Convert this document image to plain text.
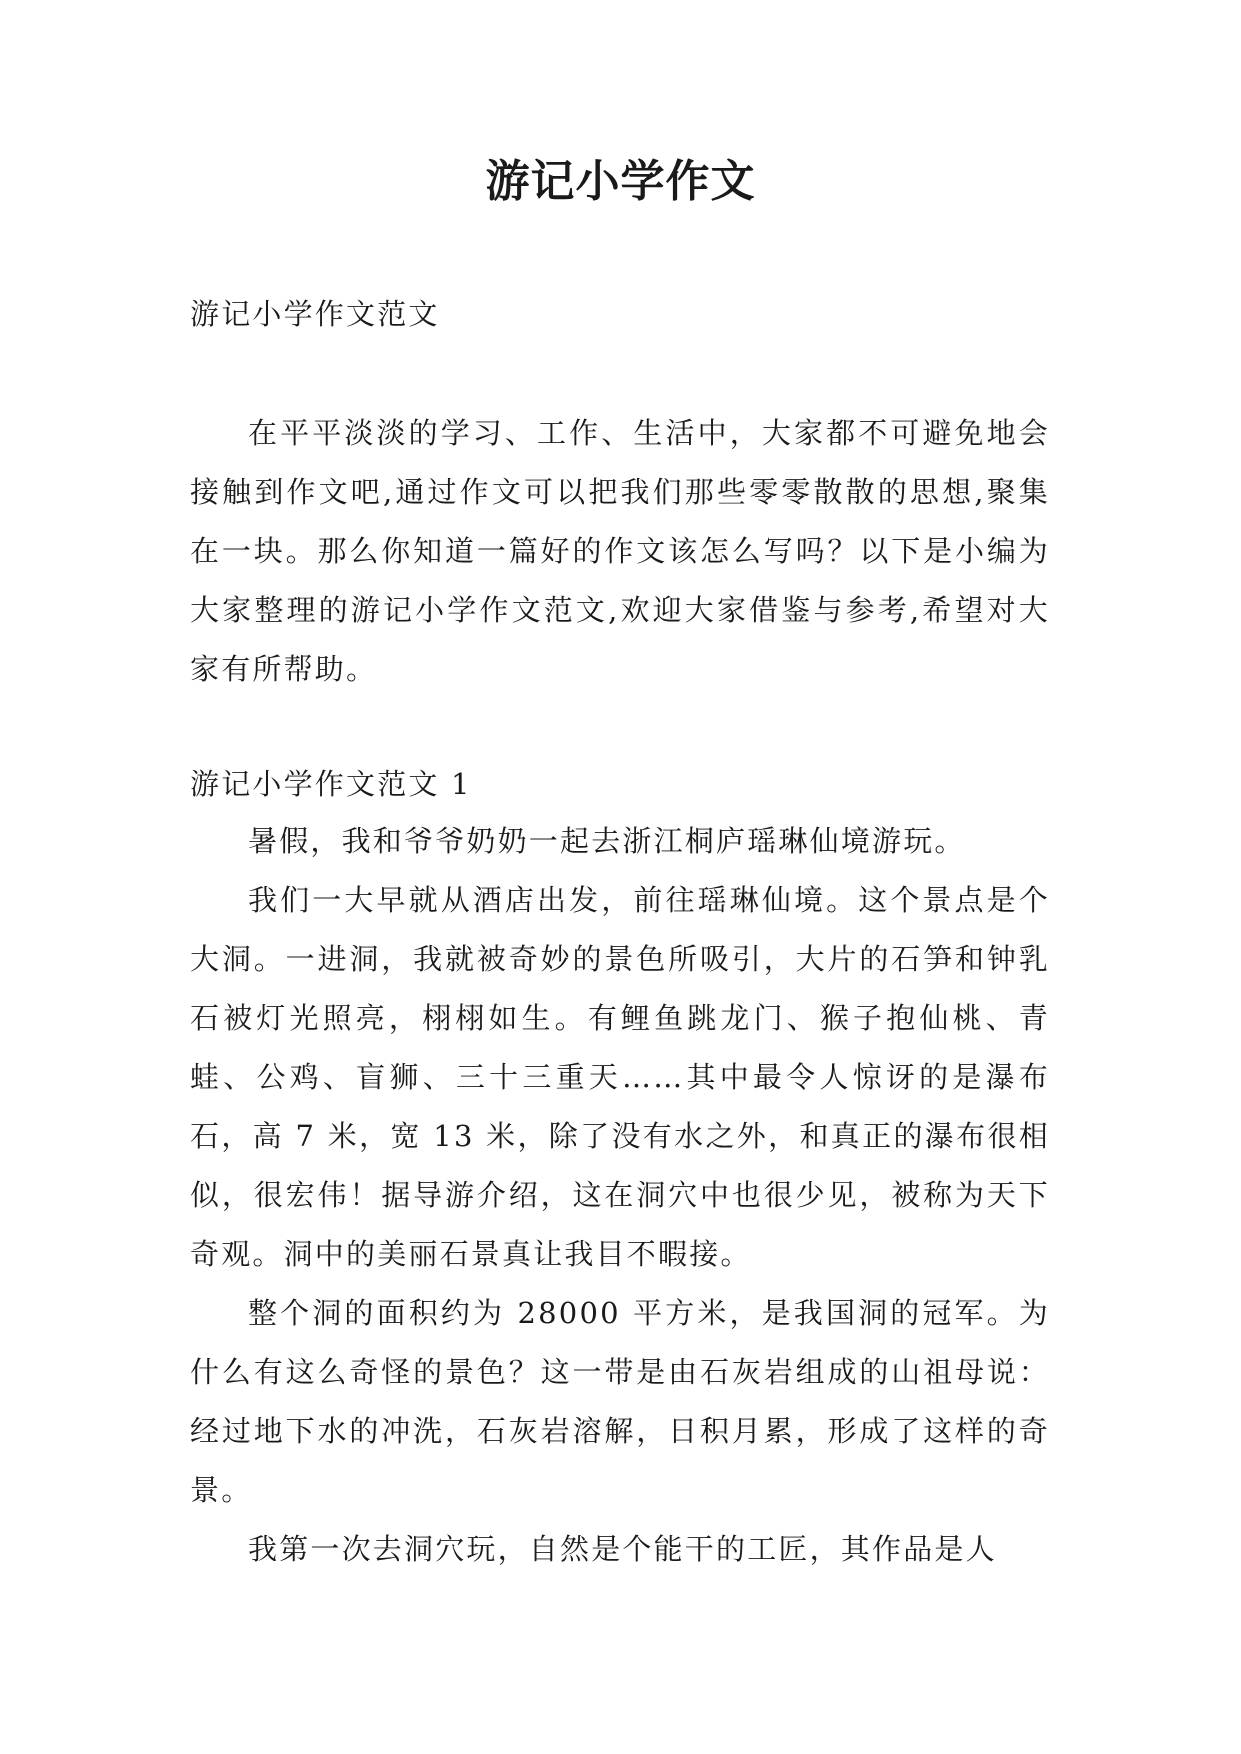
游记小学作文

游记小学作文范文

在平平淡淡的学习、工作、生活中，大家都不可避免地会接触到作文吧,通过作文可以把我们那些零零散散的思想,聚集在一块。那么你知道一篇好的作文该怎么写吗？以下是小编为大家整理的游记小学作文范文,欢迎大家借鉴与参考,希望对大家有所帮助。

游记小学作文范文 1

暑假，我和爷爷奶奶一起去浙江桐庐瑶琳仙境游玩。

我们一大早就从酒店出发，前往瑶琳仙境。这个景点是个大洞。一进洞，我就被奇妙的景色所吸引，大片的石笋和钟乳石被灯光照亮，栩栩如生。有鲤鱼跳龙门、猴子抱仙桃、青蛙、公鸡、盲狮、三十三重天……其中最令人惊讶的是瀑布石，高 7 米，宽 13 米，除了没有水之外，和真正的瀑布很相似，很宏伟！据导游介绍，这在洞穴中也很少见，被称为天下奇观。洞中的美丽石景真让我目不暇接。

整个洞的面积约为 28000 平方米，是我国洞的冠军。为什么有这么奇怪的景色？这一带是由石灰岩组成的山祖母说：经过地下水的冲洗，石灰岩溶解，日积月累，形成了这样的奇景。

我第一次去洞穴玩，自然是个能干的工匠，其作品是人
